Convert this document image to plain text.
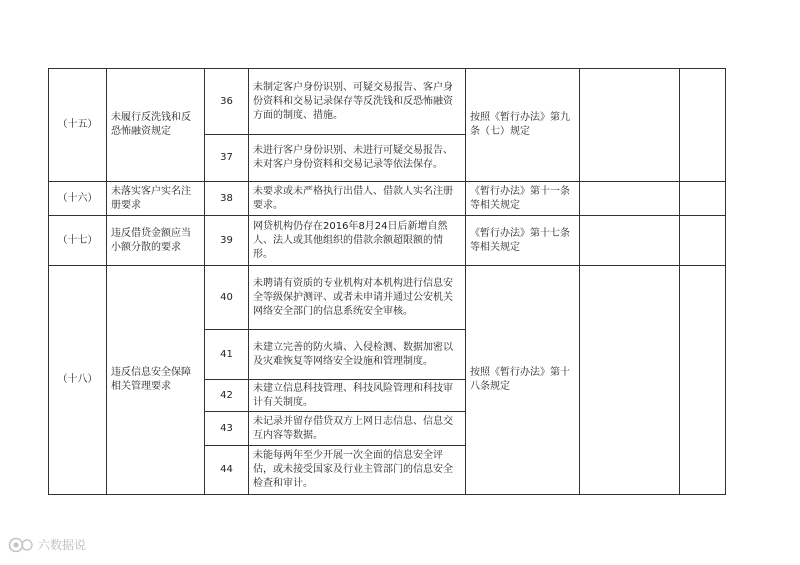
（十五）	未履行反洗钱和反恐怖融资规定	36	未制定客户身份识别、可疑交易报告、客户身份资料和交易记录保存等反洗钱和反恐怖融资方面的制度、措施。	按照《暂行办法》第九条（七）规定		
		37	未进行客户身份识别、未进行可疑交易报告、未对客户身份资料和交易记录等依法保存。			
（十六）	未落实客户实名注册要求	38	未要求或未严格执行出借人、借款人实名注册要求。	《暂行办法》第十一条等相关规定		
（十七）	违反借贷金额应当小额分散的要求	39	网贷机构仍存在2016年8月24日后新增自然人、法人或其他组织的借款余额超限额的情形。	《暂行办法》第十七条等相关规定		
（十八）	违反信息安全保障相关管理要求	40	未聘请有资质的专业机构对本机构进行信息安全等级保护测评、或者未申请并通过公安机关网络安全部门的信息系统安全审核。	按照《暂行办法》第十八条规定		
		41	未建立完善的防火墙、入侵检测、数据加密以及灾难恢复等网络安全设施和管理制度。			
		42	未建立信息科技管理、科技风险管理和科技审计有关制度。			
		43	未记录并留存借贷双方上网日志信息、信息交互内容等数据。			
		44	未能每两年至少开展一次全面的信息安全评估，或未接受国家及行业主管部门的信息安全检查和审计。			
六数据说
